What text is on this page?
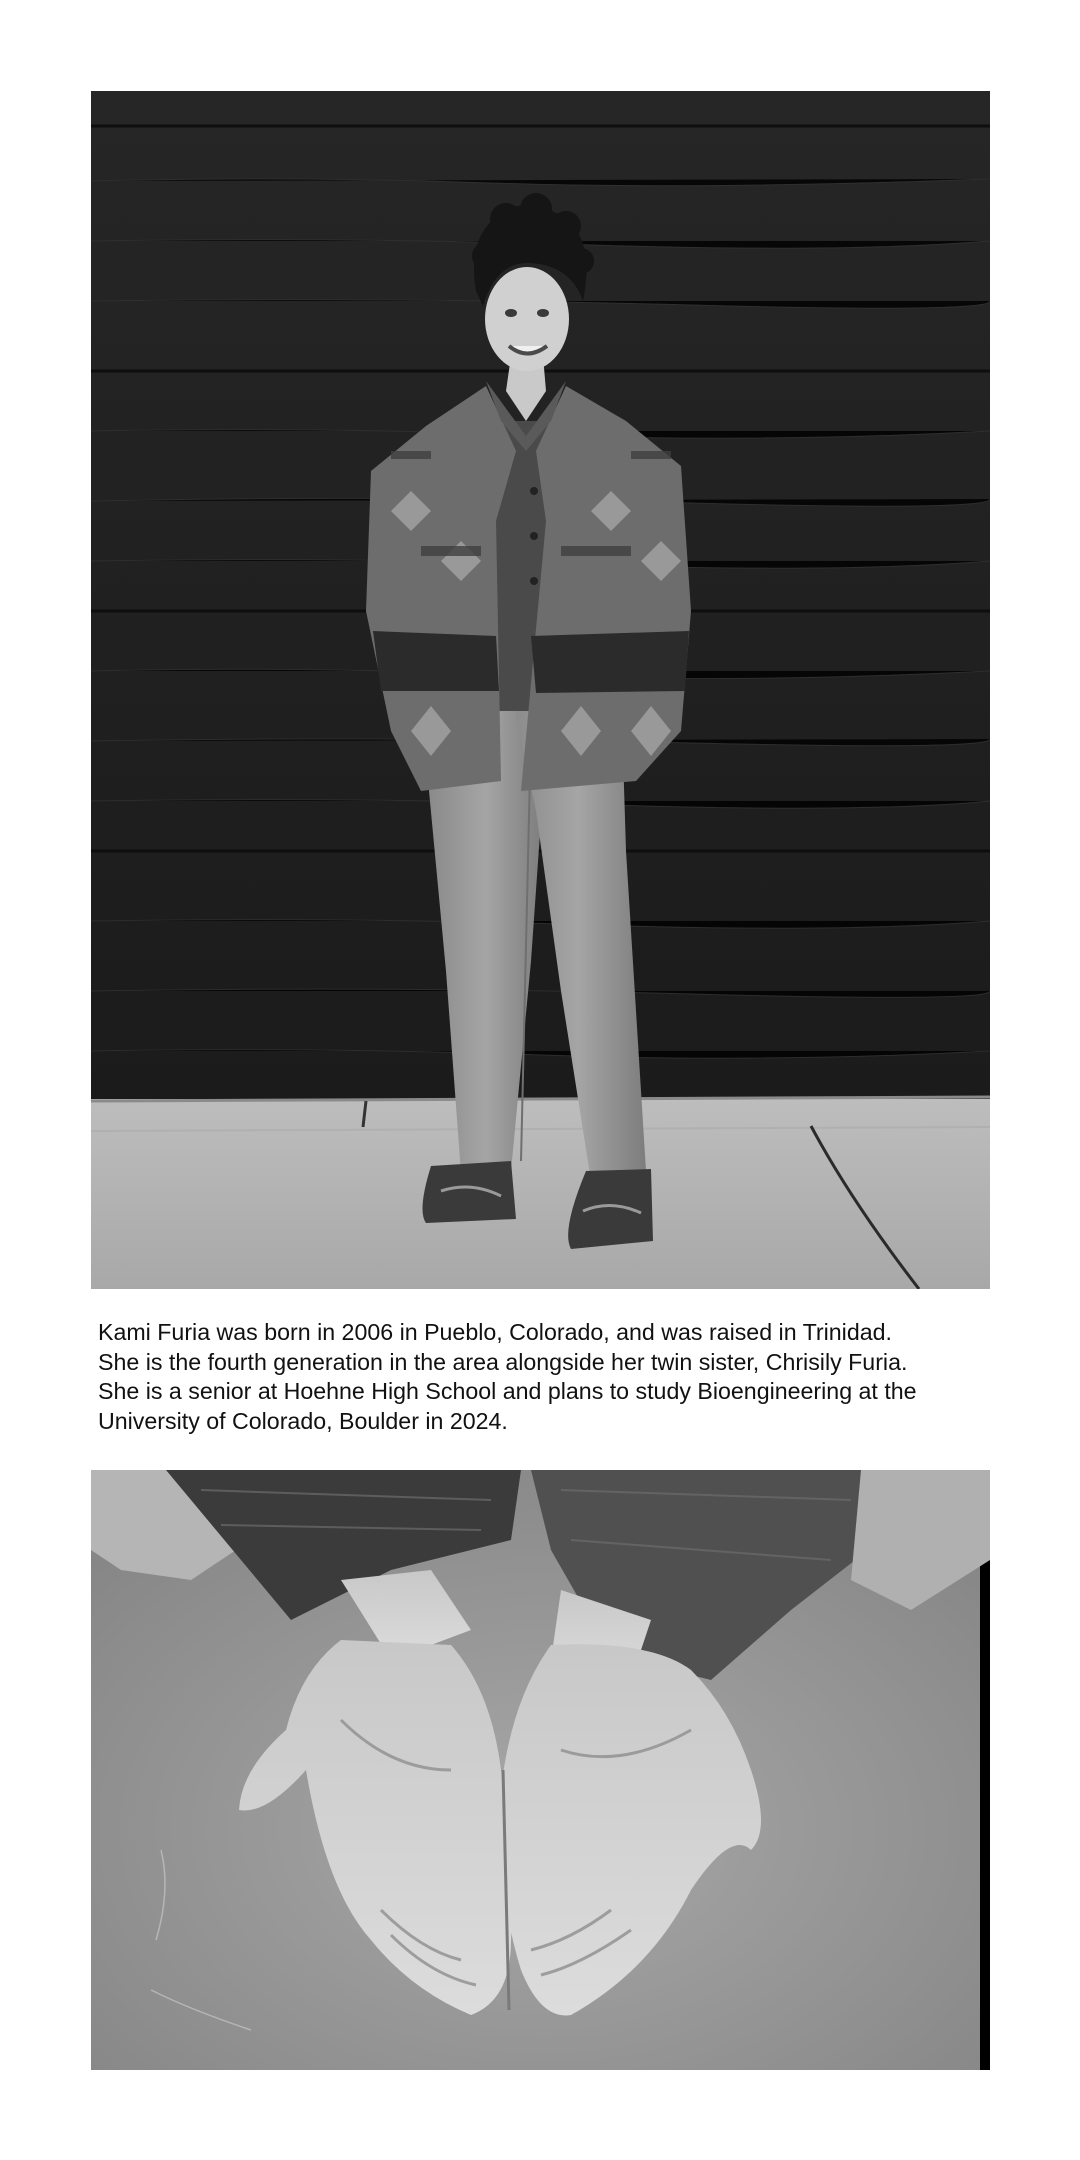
Kami Furia was born in 2006 in Pueblo, Colorado, and was raised in Trinidad.

She is the fourth generation in the area alongside her twin sister, Chrisily Furia.

She is a senior at Hoehne High School and plans to study Bioengineering at the

University of Colorado, Boulder in 2024.
